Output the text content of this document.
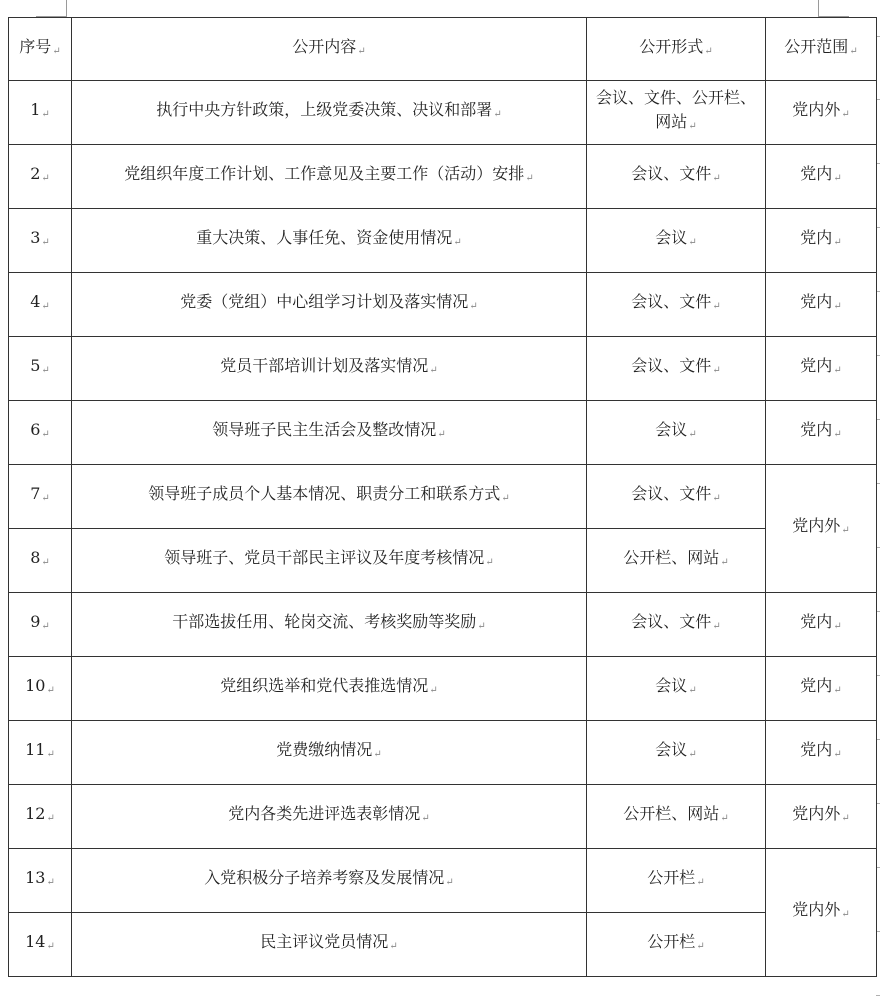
序号↵	公开内容↵	公开形式↵	公开范围↵
1↵	执行中央方针政策，上级党委决策、决议和部署↵	会议、文件、公开栏、网站↵	党内外↵
2↵	党组织年度工作计划、工作意见及主要工作（活动）安排↵	会议、文件↵	党内↵
3↵	重大决策、人事任免、资金使用情况↵	会议↵	党内↵
4↵	党委（党组）中心组学习计划及落实情况↵	会议、文件↵	党内↵
5↵	党员干部培训计划及落实情况↵	会议、文件↵	党内↵
6↵	领导班子民主生活会及整改情况↵	会议↵	党内↵
7↵	领导班子成员个人基本情况、职责分工和联系方式↵	会议、文件↵	党内外↵
8↵	领导班子、党员干部民主评议及年度考核情况↵	公开栏、网站↵	
9↵	干部选拔任用、轮岗交流、考核奖励等奖励↵	会议、文件↵	党内↵
10↵	党组织选举和党代表推选情况↵	会议↵	党内↵
11↵	党费缴纳情况↵	会议↵	党内↵
12↵	党内各类先进评选表彰情况↵	公开栏、网站↵	党内外↵
13↵	入党积极分子培养考察及发展情况↵	公开栏↵	党内外↵
14↵	民主评议党员情况↵	公开栏↵	
